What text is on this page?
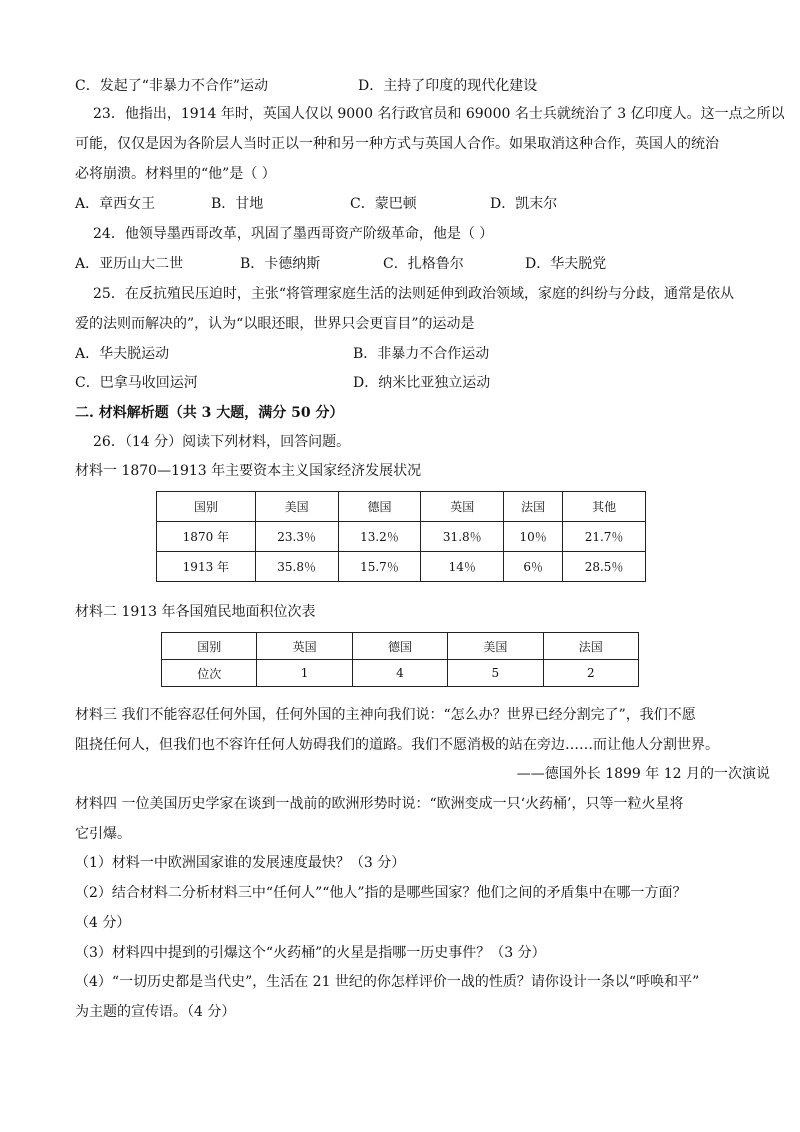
C．发起了“非暴力不合作”运动	D．主持了印度的现代化建设
23．他指出，1914 年时，英国人仅以 9000 名行政官员和 69000 名士兵就统治了 3 亿印度人。这一点之所以
可能，仅仅是因为各阶层人当时正以一种和另一种方式与英国人合作。如果取消这种合作，英国人的统治
必将崩溃。材料里的“他”是（ ）
A．章西女王	B．甘地	C．蒙巴顿	D．凯末尔
24．他领导墨西哥改革，巩固了墨西哥资产阶级革命，他是（ ）
A．亚历山大二世	B．卡德纳斯	C．扎格鲁尔	D．华夫脱党
25．在反抗殖民压迫时，主张“将管理家庭生活的法则延伸到政治领域，家庭的纠纷与分歧，通常是依从
爱的法则而解决的”，认为“以眼还眼，世界只会更盲目”的运动是
A．华夫脱运动	B．非暴力不合作运动
C．巴拿马收回运河	D．纳米比亚独立运动
二. 材料解析题（共 3 大题，满分 50 分）
26．（14 分）阅读下列材料，回答问题。
材料一 1870—1913 年主要资本主义国家经济发展状况
国别	美国	德国	英国	法国	其他
1870 年	23.3％	13.2％	31.8％	10％	21.7％
1913 年	35.8％	15.7％	14％	6％	28.5％
材料二 1913 年各国殖民地面积位次表
国别	英国	德国	美国	法国
位次	1	4	5	2
材料三 我们不能容忍任何外国，任何外国的主神向我们说：“怎么办？世界已经分割完了”，我们不愿
阻挠任何人，但我们也不容许任何人妨碍我们的道路。我们不愿消极的站在旁边……而让他人分割世界。
——德国外长 1899 年 12 月的一次演说
材料四 一位美国历史学家在谈到一战前的欧洲形势时说：“欧洲变成一只‘火药桶’，只等一粒火星将
它引爆。
（1）材料一中欧洲国家谁的发展速度最快？（3 分）
（2）结合材料二分析材料三中“任何人”“他人”指的是哪些国家？他们之间的矛盾集中在哪一方面？
（4 分）
（3）材料四中提到的引爆这个“火药桶”的火星是指哪一历史事件？（3 分）
（4）“一切历史都是当代史”，生活在 21 世纪的你怎样评价一战的性质？请你设计一条以“呼唤和平”
为主题的宣传语。（4 分）
